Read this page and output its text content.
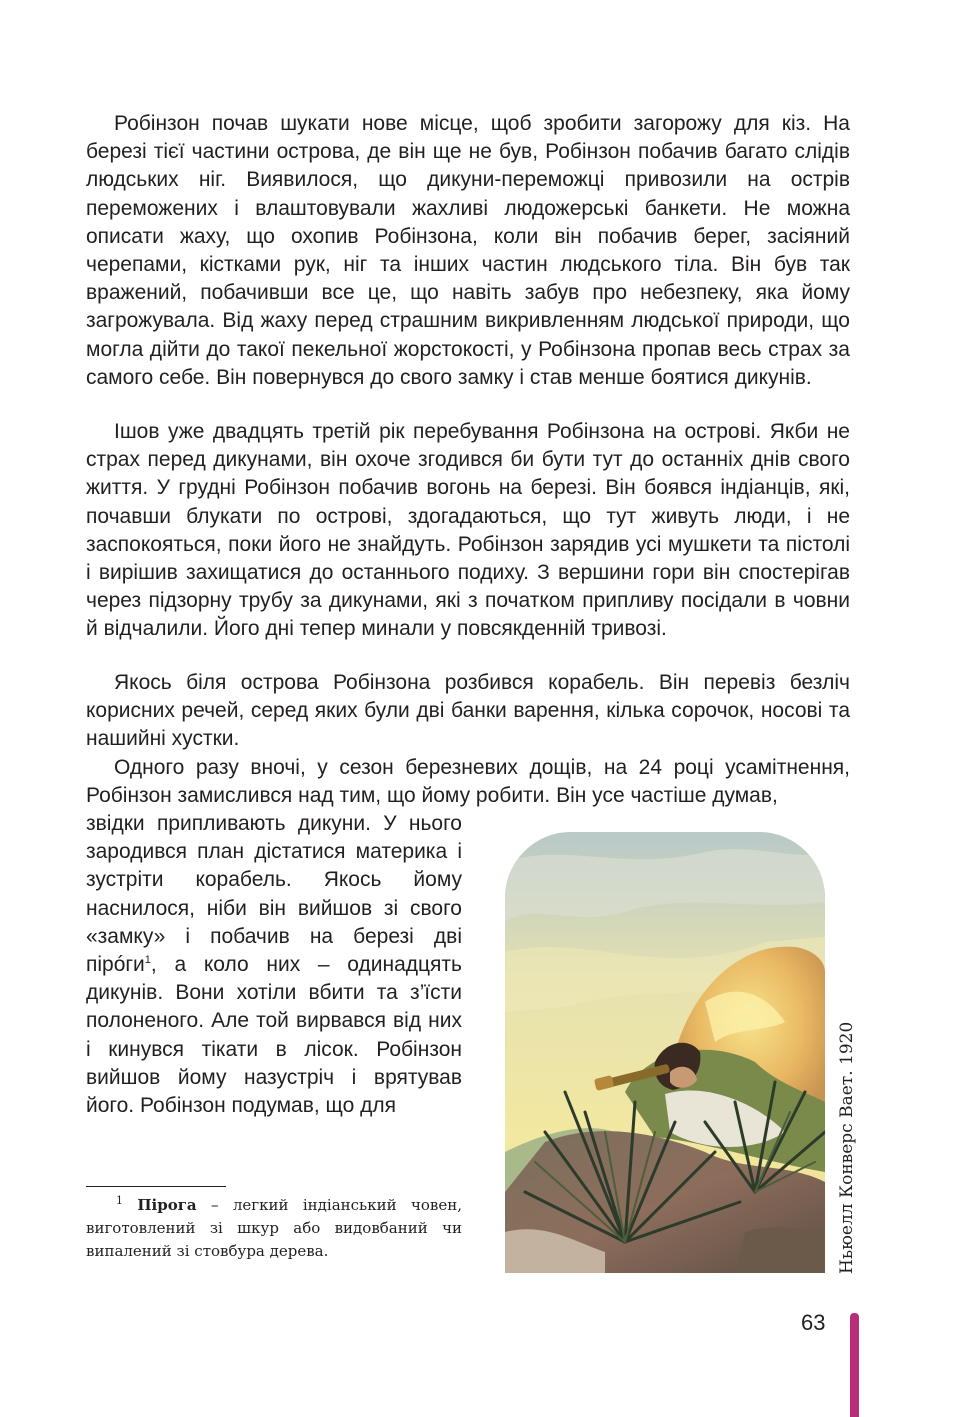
Робінзон почав шукати нове місце, щоб зробити загорожу для кіз. На березі тієї частини острова, де він ще не був, Робінзон побачив багато слідів людських ніг. Виявилося, що дикуни-переможці привозили на острів переможених і влаштовували жахливі людожерські банкети. Не можна описати жаху, що охопив Робінзона, коли він побачив берег, засіяний черепами, кістками рук, ніг та інших частин людського тіла. Він був так вражений, побачивши все це, що навіть забув про небезпеку, яка йому загрожувала. Від жаху перед страшним викривленням людської природи, що могла дійти до такої пекельної жорстокості, у Робінзона пропав весь страх за самого себе. Він повернувся до свого замку і став менше боятися дикунів.

Ішов уже двадцять третій рік перебування Робінзона на острові. Якби не страх перед дикунами, він охоче згодився би бути тут до останніх днів свого життя. У грудні Робінзон побачив вогонь на березі. Він боявся індіанців, які, почавши блукати по острові, здогадаються, що тут живуть люди, і не заспокояться, поки його не знайдуть. Робінзон зарядив усі мушкети та пістолі і вирішив захищатися до останнього подиху. З вершини гори він спостерігав через підзорну трубу за дикунами, які з початком припливу посідали в човни й відчалили. Його дні тепер минали у повсякденній тривозі.

Якось біля острова Робінзона розбився корабель. Він перевіз безліч корисних речей, серед яких були дві банки варення, кілька сорочок, носові та нашийні хустки.

Одного разу вночі, у сезон березневих дощів, на 24 році усамітнення, Робінзон замислився над тим, що йому робити. Він усе частіше думав,

звідки припливають дикуни. У нього зародився план дістатися материка і зустріти корабель. Якось йому наснилося, ніби він вийшов зі свого «замку» і побачив на березі дві пірóги$^1$, а коло них – одинадцять дикунів. Вони хотіли вбити та з’їсти полоненого. Але той вирвався від них і кинувся тікати в лісок. Робінзон вийшов йому назустріч і врятував його. Робінзон подумав, що для	Ньюелл Конверс Вает. 1920

$^1$ Пірога – легкий індіанський човен, виготовлений зі шкур або видовбаний чи випалений зі стовбура дерева.

63
